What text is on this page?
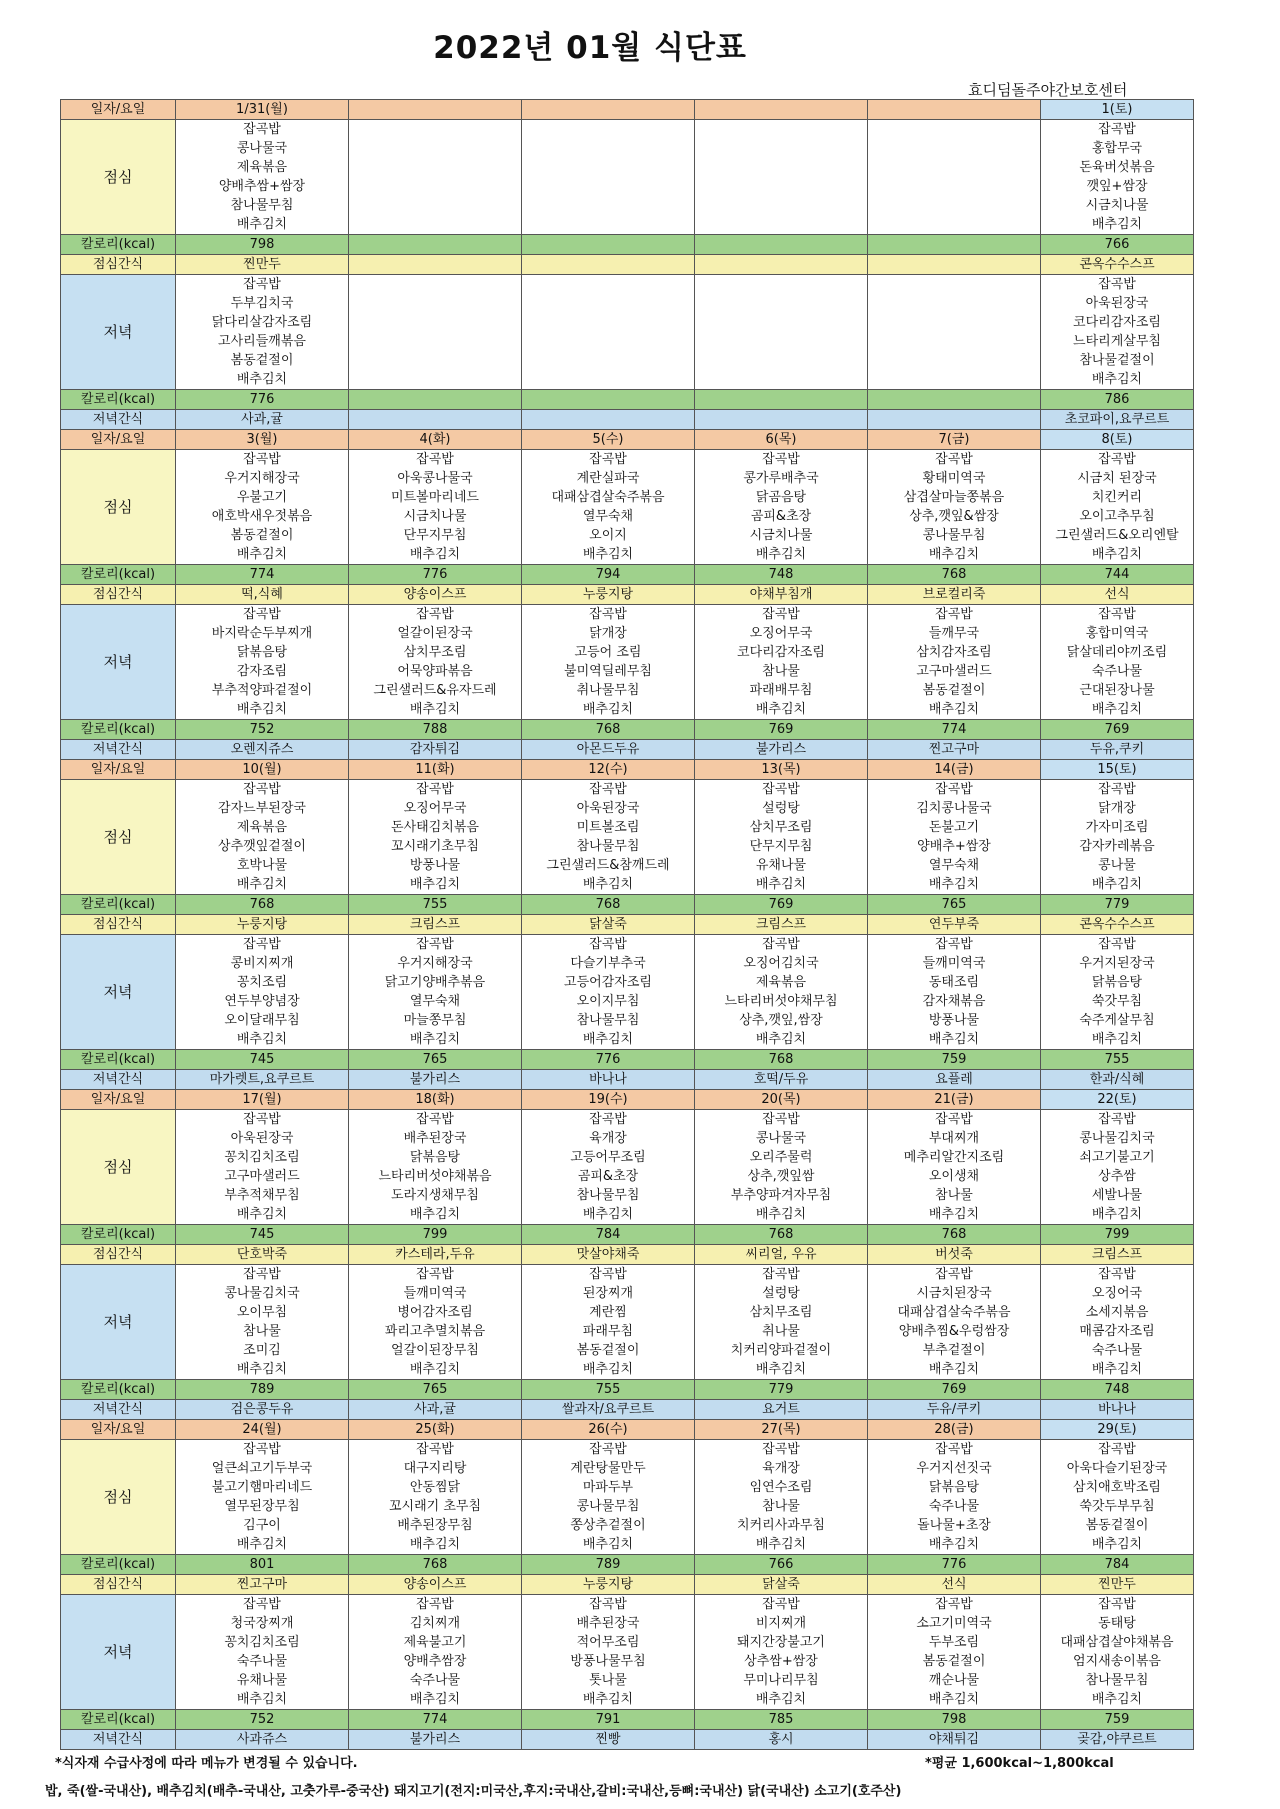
2022년 01월 식단표
효디딤돌주야간보호센터
일자/요일	1/31(월)					1(토)
점심	잡곡밥					잡곡밥
	콩나물국					홍합무국
	제육볶음					돈육버섯볶음
	양배추쌈+쌈장					깻잎+쌈장
	참나물무침					시금치나물
	배추김치					배추김치
칼로리(kcal)	798					766
점심간식	찐만두					콘옥수수스프
저녁	잡곡밥					잡곡밥
	두부김치국					아욱된장국
	닭다리살감자조림					코다리감자조림
	고사리들깨볶음					느타리게살무침
	봄동겉절이					참나물겉절이
	배추김치					배추김치
칼로리(kcal)	776					786
저녁간식	사과,귤					초코파이,요쿠르트
일자/요일	3(월)	4(화)	5(수)	6(목)	7(금)	8(토)
점심	잡곡밥	잡곡밥	잡곡밥	잡곡밥	잡곡밥	잡곡밥
	우거지해장국	아욱콩나물국	계란실파국	콩가루배추국	황태미역국	시금치 된장국
	우불고기	미트볼마리네드	대패삼겹살숙주볶음	닭곰음탕	삼겹살마늘쫑볶음	치킨커리
	애호박새우젓볶음	시금치나물	열무숙채	곰피&초장	상추,깻잎&쌈장	오이고추무침
	봄동겉절이	단무지무침	오이지	시금치나물	콩나물무침	그린샐러드&오리엔탈
	배추김치	배추김치	배추김치	배추김치	배추김치	배추김치
칼로리(kcal)	774	776	794	748	768	744
점심간식	떡,식혜	양송이스프	누룽지탕	야채부침개	브로컬리죽	선식
저녁	잡곡밥	잡곡밥	잡곡밥	잡곡밥	잡곡밥	잡곡밥
	바지락순두부찌개	얼갈이된장국	닭개장	오징어무국	들깨무국	홍합미역국
	닭볶음탕	삼치무조림	고등어 조림	코다리감자조림	삼치감자조림	닭살데리야끼조림
	감자조림	어묵양파볶음	불미역딜레무침	참나물	고구마샐러드	숙주나물
	부추적양파겉절이	그린샐러드&유자드레	취나물무침	파래배무침	봄동겉절이	근대된장나물
	배추김치	배추김치	배추김치	배추김치	배추김치	배추김치
칼로리(kcal)	752	788	768	769	774	769
저녁간식	오렌지쥬스	감자튀김	아몬드두유	불가리스	찐고구마	두유,쿠키
일자/요일	10(월)	11(화)	12(수)	13(목)	14(금)	15(토)
점심	잡곡밥	잡곡밥	잡곡밥	잡곡밥	잡곡밥	잡곡밥
	감자느부된장국	오징어무국	아욱된장국	설렁탕	김치콩나물국	닭개장
	제육볶음	돈사태김치볶음	미트볼조림	삼치무조림	돈불고기	가자미조림
	상추깻잎겉절이	꼬시래기초무침	참나물무침	단무지무침	양배추+쌈장	감자카레볶음
	호박나물	방풍나물	그린샐러드&참깨드레	유채나물	열무숙채	콩나물
	배추김치	배추김치	배추김치	배추김치	배추김치	배추김치
칼로리(kcal)	768	755	768	769	765	779
점심간식	누룽지탕	크림스프	닭살죽	크림스프	연두부죽	콘옥수수스프
저녁	잡곡밥	잡곡밥	잡곡밥	잡곡밥	잡곡밥	잡곡밥
	콩비지찌개	우거지해장국	다슬기부추국	오징어김치국	들깨미역국	우거지된장국
	꽁치조림	닭고기양배추볶음	고등어감자조림	제육볶음	동태조림	닭볶음탕
	연두부양념장	열무숙채	오이지무침	느타리버섯야채무침	감자채볶음	쑥갓무침
	오이달래무침	마늘쫑무침	참나물무침	상추,깻잎,쌈장	방풍나물	숙주게살무침
	배추김치	배추김치	배추김치	배추김치	배추김치	배추김치
칼로리(kcal)	745	765	776	768	759	755
저녁간식	마가렛트,요쿠르트	불가리스	바나나	호떡/두유	요플레	한과/식혜
일자/요일	17(월)	18(화)	19(수)	20(목)	21(금)	22(토)
점심	잡곡밥	잡곡밥	잡곡밥	잡곡밥	잡곡밥	잡곡밥
	아욱된장국	배추된장국	육개장	콩나물국	부대찌개	콩나물김치국
	꽁치김치조림	닭볶음탕	고등어무조림	오리주물럭	메추리알간지조림	쇠고기불고기
	고구마샐러드	느타리버섯야채볶음	곰피&초장	상추,깻잎쌈	오이생채	상추쌈
	부추적채무침	도라지생채무침	참나물무침	부추양파겨자무침	참나물	세발나물
	배추김치	배추김치	배추김치	배추김치	배추김치	배추김치
칼로리(kcal)	745	799	784	768	768	799
점심간식	단호박죽	카스테라,두유	맛살야채죽	씨리얼, 우유	버섯죽	크림스프
저녁	잡곡밥	잡곡밥	잡곡밥	잡곡밥	잡곡밥	잡곡밥
	콩나물김치국	들깨미역국	된장찌개	설렁탕	시금치된장국	오징어국
	오이무침	병어감자조림	계란찜	삼치무조림	대패삼겹살숙주볶음	소세지볶음
	참나물	꽈리고추멸치볶음	파래무침	취나물	양배추찜&우렁쌈장	매콤감자조림
	조미김	얼갈이된장무침	봄동겉절이	치커리양파겉절이	부추겉절이	숙주나물
	배추김치	배추김치	배추김치	배추김치	배추김치	배추김치
칼로리(kcal)	789	765	755	779	769	748
저녁간식	검은콩두유	사과,귤	쌀과자/요쿠르트	요거트	두유/쿠키	바나나
일자/요일	24(월)	25(화)	26(수)	27(목)	28(금)	29(토)
점심	잡곡밥	잡곡밥	잡곡밥	잡곡밥	잡곡밥	잡곡밥
	얼큰쇠고기두부국	대구지리탕	계란탕물만두	육개장	우거지선짓국	아욱다슬기된장국
	불고기햄마리네드	안동찜닭	마파두부	임연수조림	닭볶음탕	삼치애호박조림
	열무된장무침	꼬시래기 초무침	콩나물무침	참나물	숙주나물	쑥갓두부무침
	김구이	배추된장무침	쫑상추겉절이	치커리사과무침	돌나물+초장	봄동겉절이
	배추김치	배추김치	배추김치	배추김치	배추김치	배추김치
칼로리(kcal)	801	768	789	766	776	784
점심간식	찐고구마	양송이스프	누룽지탕	닭살죽	선식	찐만두
저녁	잡곡밥	잡곡밥	잡곡밥	잡곡밥	잡곡밥	잡곡밥
	청국장찌개	김치찌개	배추된장국	비지찌개	소고기미역국	동태탕
	꽁치김치조림	제육불고기	적어무조림	돼지간장불고기	두부조림	대패삼겹살야채볶음
	숙주나물	양배추쌈장	방풍나물무침	상추쌈+쌈장	봄동겉절이	엄지새송이볶음
	유채나물	숙주나물	톳나물	무미나리무침	깨순나물	참나물무침
	배추김치	배추김치	배추김치	배추김치	배추김치	배추김치
칼로리(kcal)	752	774	791	785	798	759
저녁간식	사과쥬스	불가리스	찐빵	홍시	야채튀김	곶감,야쿠르트
*식자재 수급사정에 따라 메뉴가 변경될 수 있습니다.	*평균 1,600kcal~1,800kcal
밥, 죽(쌀-국내산), 배추김치(배추-국내산, 고춧가루-중국산) 돼지고기(전지:미국산,후지:국내산,갈비:국내산,등뼈:국내산) 닭(국내산) 소고기(호주산)
